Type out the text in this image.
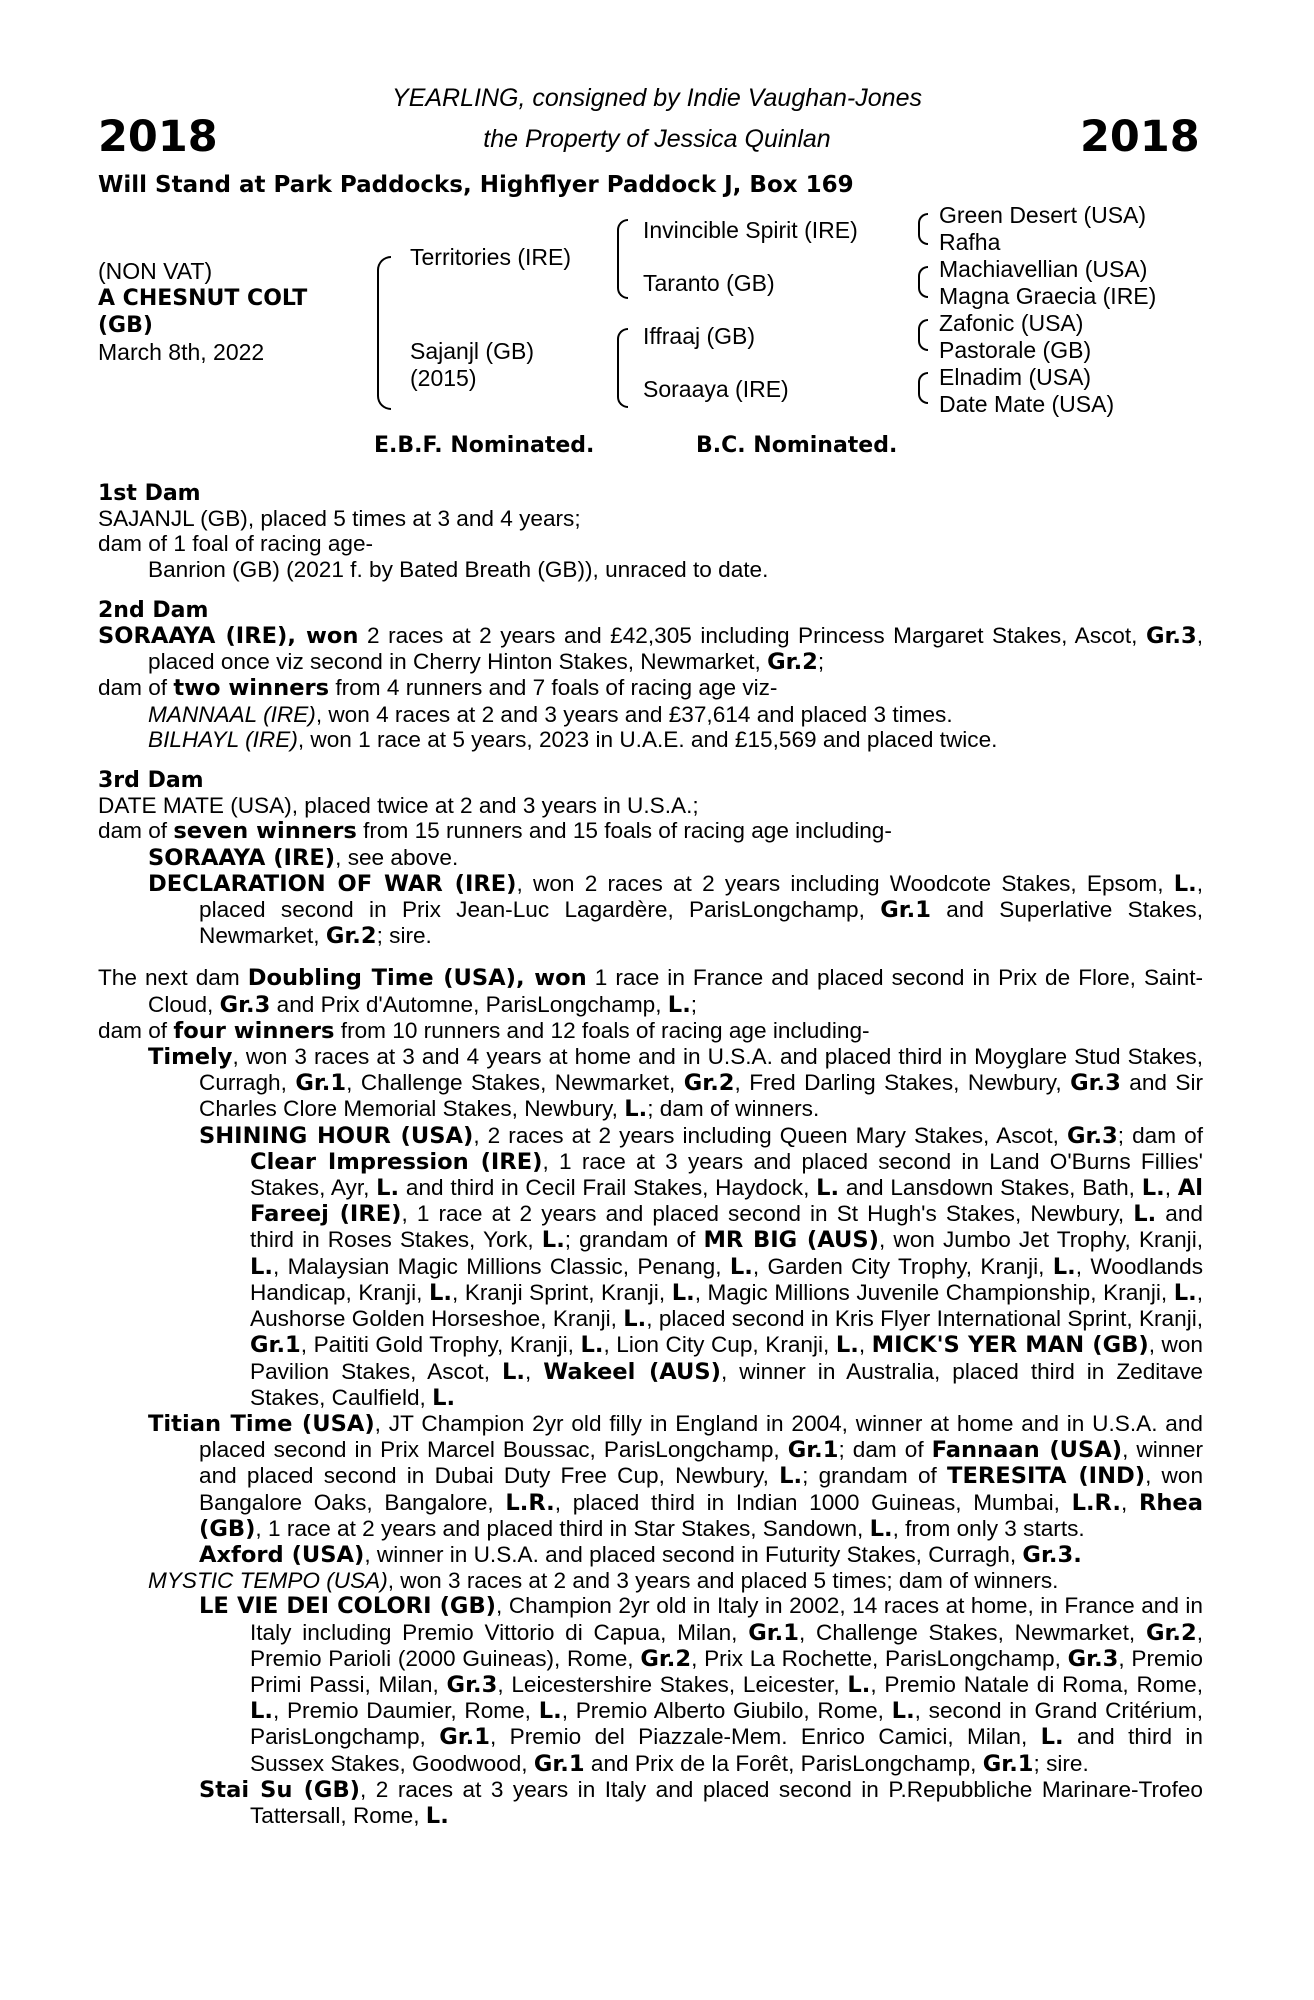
2018	2018
YEARLING, consigned by Indie Vaughan-Jones
the Property of Jessica Quinlan
Will Stand at Park Paddocks, Highflyer Paddock J, Box 169
(NON VAT)
A CHESNUT COLT
(GB)
March 8th, 2022
Territories (IRE)
Sajanjl (GB)
(2015)
Invincible Spirit (IRE)
Taranto (GB)
Iffraaj (GB)
Soraaya (IRE)
Green Desert (USA)
Rafha
Machiavellian (USA)
Magna Graecia (IRE)
Zafonic (USA)
Pastorale (GB)
Elnadim (USA)
Date Mate (USA)
E.B.F. Nominated.	B.C. Nominated.
1st Dam

SAJANJL (GB), placed 5 times at 3 and 4 years;

dam of 1 foal of racing age-

Banrion (GB) (2021 f. by Bated Breath (GB)), unraced to date.

2nd Dam

SORAAYA (IRE), won 2 races at 2 years and £42,305 including Princess Margaret Stakes, Ascot, Gr.3, placed once viz second in Cherry Hinton Stakes, Newmarket, Gr.2;

dam of two winners from 4 runners and 7 foals of racing age viz-

MANNAAL (IRE), won 4 races at 2 and 3 years and £37,614 and placed 3 times.

BILHAYL (IRE), won 1 race at 5 years, 2023 in U.A.E. and £15,569 and placed twice.

3rd Dam

DATE MATE (USA), placed twice at 2 and 3 years in U.S.A.;

dam of seven winners from 15 runners and 15 foals of racing age including-

SORAAYA (IRE), see above.

DECLARATION OF WAR (IRE), won 2 races at 2 years including Woodcote Stakes, Epsom, L., placed second in Prix Jean-Luc Lagardère, ParisLongchamp, Gr.1 and Superlative Stakes, Newmarket, Gr.2; sire.

The next dam Doubling Time (USA), won 1 race in France and placed second in Prix de Flore, Saint-Cloud, Gr.3 and Prix d'Automne, ParisLongchamp, L.;

dam of four winners from 10 runners and 12 foals of racing age including-

Timely, won 3 races at 3 and 4 years at home and in U.S.A. and placed third in Moyglare Stud Stakes, Curragh, Gr.1, Challenge Stakes, Newmarket, Gr.2, Fred Darling Stakes, Newbury, Gr.3 and Sir Charles Clore Memorial Stakes, Newbury, L.; dam of winners.

SHINING HOUR (USA), 2 races at 2 years including Queen Mary Stakes, Ascot, Gr.3; dam of Clear Impression (IRE), 1 race at 3 years and placed second in Land O'Burns Fillies' Stakes, Ayr, L. and third in Cecil Frail Stakes, Haydock, L. and Lansdown Stakes, Bath, L., Al Fareej (IRE), 1 race at 2 years and placed second in St Hugh's Stakes, Newbury, L. and third in Roses Stakes, York, L.; grandam of MR BIG (AUS), won Jumbo Jet Trophy, Kranji, L., Malaysian Magic Millions Classic, Penang, L., Garden City Trophy, Kranji, L., Woodlands Handicap, Kranji, L., Kranji Sprint, Kranji, L., Magic Millions Juvenile Championship, Kranji, L., Aushorse Golden Horseshoe, Kranji, L., placed second in Kris Flyer International Sprint, Kranji, Gr.1, Paititi Gold Trophy, Kranji, L., Lion City Cup, Kranji, L., MICK'S YER MAN (GB), won Pavilion Stakes, Ascot, L., Wakeel (AUS), winner in Australia, placed third in Zeditave Stakes, Caulfield, L.

Titian Time (USA), JT Champion 2yr old filly in England in 2004, winner at home and in U.S.A. and placed second in Prix Marcel Boussac, ParisLongchamp, Gr.1; dam of Fannaan (USA), winner and placed second in Dubai Duty Free Cup, Newbury, L.; grandam of TERESITA (IND), won Bangalore Oaks, Bangalore, L.R., placed third in Indian 1000 Guineas, Mumbai, L.R., Rhea (GB), 1 race at 2 years and placed third in Star Stakes, Sandown, L., from only 3 starts.

Axford (USA), winner in U.S.A. and placed second in Futurity Stakes, Curragh, Gr.3.

MYSTIC TEMPO (USA), won 3 races at 2 and 3 years and placed 5 times; dam of winners.

LE VIE DEI COLORI (GB), Champion 2yr old in Italy in 2002, 14 races at home, in France and in Italy including Premio Vittorio di Capua, Milan, Gr.1, Challenge Stakes, Newmarket, Gr.2, Premio Parioli (2000 Guineas), Rome, Gr.2, Prix La Rochette, ParisLongchamp, Gr.3, Premio Primi Passi, Milan, Gr.3, Leicestershire Stakes, Leicester, L., Premio Natale di Roma, Rome, L., Premio Daumier, Rome, L., Premio Alberto Giubilo, Rome, L., second in Grand Critérium, ParisLongchamp, Gr.1, Premio del Piazzale-Mem. Enrico Camici, Milan, L. and third in Sussex Stakes, Goodwood, Gr.1 and Prix de la Forêt, ParisLongchamp, Gr.1; sire.

Stai Su (GB), 2 races at 3 years in Italy and placed second in P.Repubbliche Marinare-Trofeo Tattersall, Rome, L.
